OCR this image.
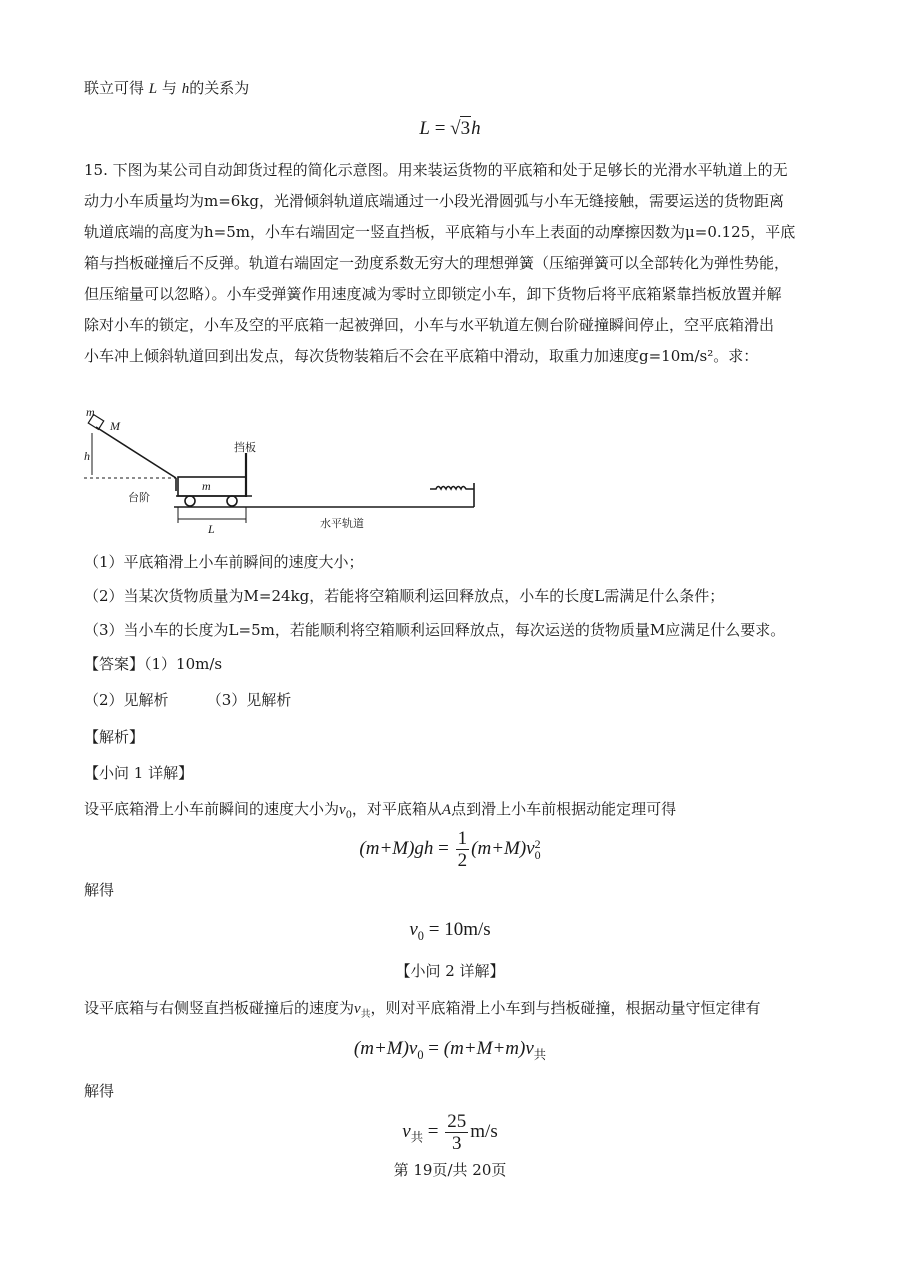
联立可得 L 与 h的关系为
L = √3h
15. 下图为某公司自动卸货过程的简化示意图。用来装运货物的平底箱和处于足够长的光滑水平轨道上的无
动力小车质量均为m=6kg，光滑倾斜轨道底端通过一小段光滑圆弧与小车无缝接触，需要运送的货物距离
轨道底端的高度为h=5m，小车右端固定一竖直挡板，平底箱与小车上表面的动摩擦因数为μ=0.125，平底
箱与挡板碰撞后不反弹。轨道右端固定一劲度系数无穷大的理想弹簧（压缩弹簧可以全部转化为弹性势能，
但压缩量可以忽略）。小车受弹簧作用速度减为零时立即锁定小车，卸下货物后将平底箱紧靠挡板放置并解
除对小车的锁定，小车及空的平底箱一起被弹回，小车与水平轨道左侧台阶碰撞瞬间停止，空平底箱滑出
小车冲上倾斜轨道回到出发点，每次货物装箱后不会在平底箱中滑动，取重力加速度g=10m/s²。求：
m
M
h
m
L
挡板
台阶
水平轨道
（1）平底箱滑上小车前瞬间的速度大小；
（2）当某次货物质量为M=24kg，若能将空箱顺利运回释放点，小车的长度L需满足什么条件；
（3）当小车的长度为L=5m，若能顺利将空箱顺利运回释放点，每次运送的货物质量M应满足什么要求。
【答案】（1）10m/s
（2）见解析        （3）见解析
【解析】
【小问 1 详解】
设平底箱滑上小车前瞬间的速度大小为$v_0$，对平底箱从A点到滑上小车前根据动能定理可得
$(m+M)gh = \frac{1}{2} (m+M)v$ 2
0
解得
$v_0 = 10m/s$
【小问 2 详解】
设平底箱与右侧竖直挡板碰撞后的速度为$v_共$，则对平底箱滑上小车到与挡板碰撞，根据动量守恒定律有
$(m+M)v_0 = (m+M+m)v_共$
解得
$v_共 = \frac{25}{3} m/s$
第 19页/共 20页
